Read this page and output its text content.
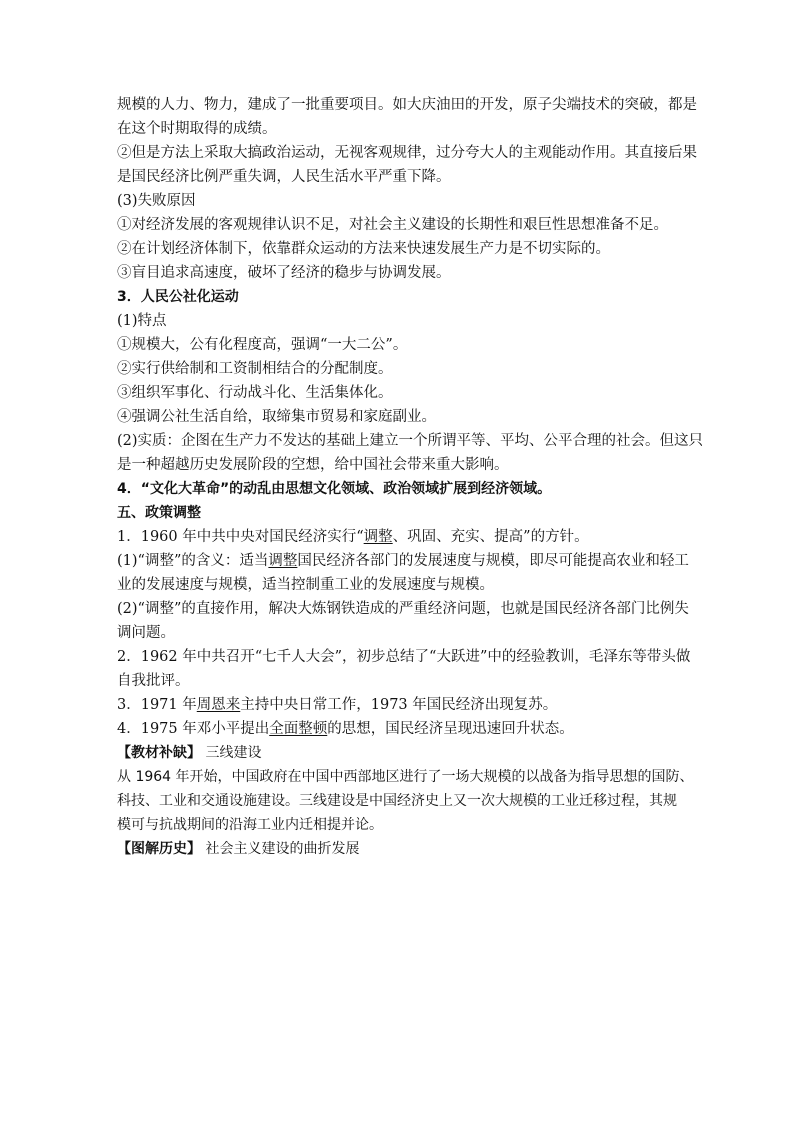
规模的人力、物力，建成了一批重要项目。如大庆油田的开发，原子尖端技术的突破，都是

在这个时期取得的成绩。

②但是方法上采取大搞政治运动，无视客观规律，过分夸大人的主观能动作用。其直接后果

是国民经济比例严重失调，人民生活水平严重下降。

(3)失败原因

①对经济发展的客观规律认识不足，对社会主义建设的长期性和艰巨性思想准备不足。

②在计划经济体制下，依靠群众运动的方法来快速发展生产力是不切实际的。

③盲目追求高速度，破坏了经济的稳步与协调发展。

3．人民公社化运动

(1)特点

①规模大，公有化程度高，强调“一大二公”。

②实行供给制和工资制相结合的分配制度。

③组织军事化、行动战斗化、生活集体化。

④强调公社生活自给，取缔集市贸易和家庭副业。

(2)实质：企图在生产力不发达的基础上建立一个所谓平等、平均、公平合理的社会。但这只

是一种超越历史发展阶段的空想，给中国社会带来重大影响。

4．“文化大革命”的动乱由思想文化领域、政治领域扩展到经济领域。

五、政策调整

1．1960 年中共中央对国民经济实行“调整、巩固、充实、提高”的方针。

(1)“调整”的含义：适当调整国民经济各部门的发展速度与规模，即尽可能提高农业和轻工

业的发展速度与规模，适当控制重工业的发展速度与规模。

(2)“调整”的直接作用，解决大炼钢铁造成的严重经济问题，也就是国民经济各部门比例失

调问题。

2．1962 年中共召开“七千人大会”，初步总结了“大跃进”中的经验教训，毛泽东等带头做

自我批评。

3．1971 年周恩来主持中央日常工作，1973 年国民经济出现复苏。

4．1975 年邓小平提出全面整顿的思想，国民经济呈现迅速回升状态。

【教材补缺】 三线建设

从 1964 年开始，中国政府在中国中西部地区进行了一场大规模的以战备为指导思想的国防、

科技、工业和交通设施建设。三线建设是中国经济史上又一次大规模的工业迁移过程，其规

模可与抗战期间的沿海工业内迁相提并论。

【图解历史】 社会主义建设的曲折发展
